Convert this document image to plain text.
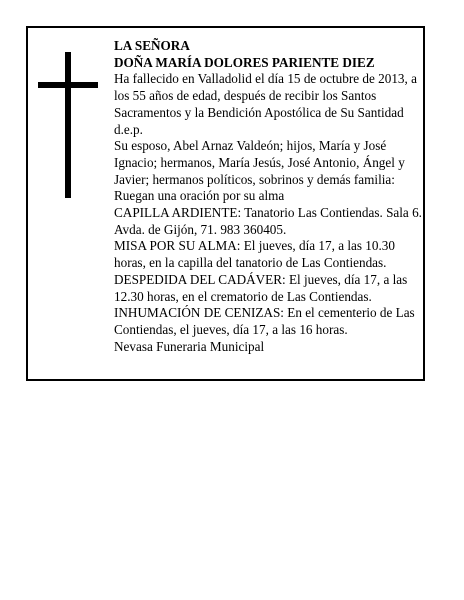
LA SEÑORA

DOÑA MARÍA DOLORES PARIENTE DIEZ

Ha fallecido en Valladolid el día 15 de octubre de 2013, a los 55 años de edad, después de recibir los Santos Sacramentos y la Bendición Apostólica de Su Santidad d.e.p.

Su esposo, Abel Arnaz Valdeón; hijos, María y José Ignacio; hermanos, María Jesús, José Antonio, Ángel y Javier; hermanos políticos, sobrinos y demás familia:

Ruegan una oración por su alma

CAPILLA ARDIENTE: Tanatorio Las Contiendas. Sala 6. Avda. de Gijón, 71. 983 360405.

MISA POR SU ALMA: El jueves, día 17, a las 10.30 horas, en la capilla del tanatorio de Las Contiendas.

DESPEDIDA DEL CADÁVER: El jueves, día 17, a las 12.30 horas, en el crematorio de Las Contiendas.

INHUMACIÓN DE CENIZAS: En el cementerio de Las Contiendas, el jueves, día 17, a las 16 horas.

Nevasa Funeraria Municipal
